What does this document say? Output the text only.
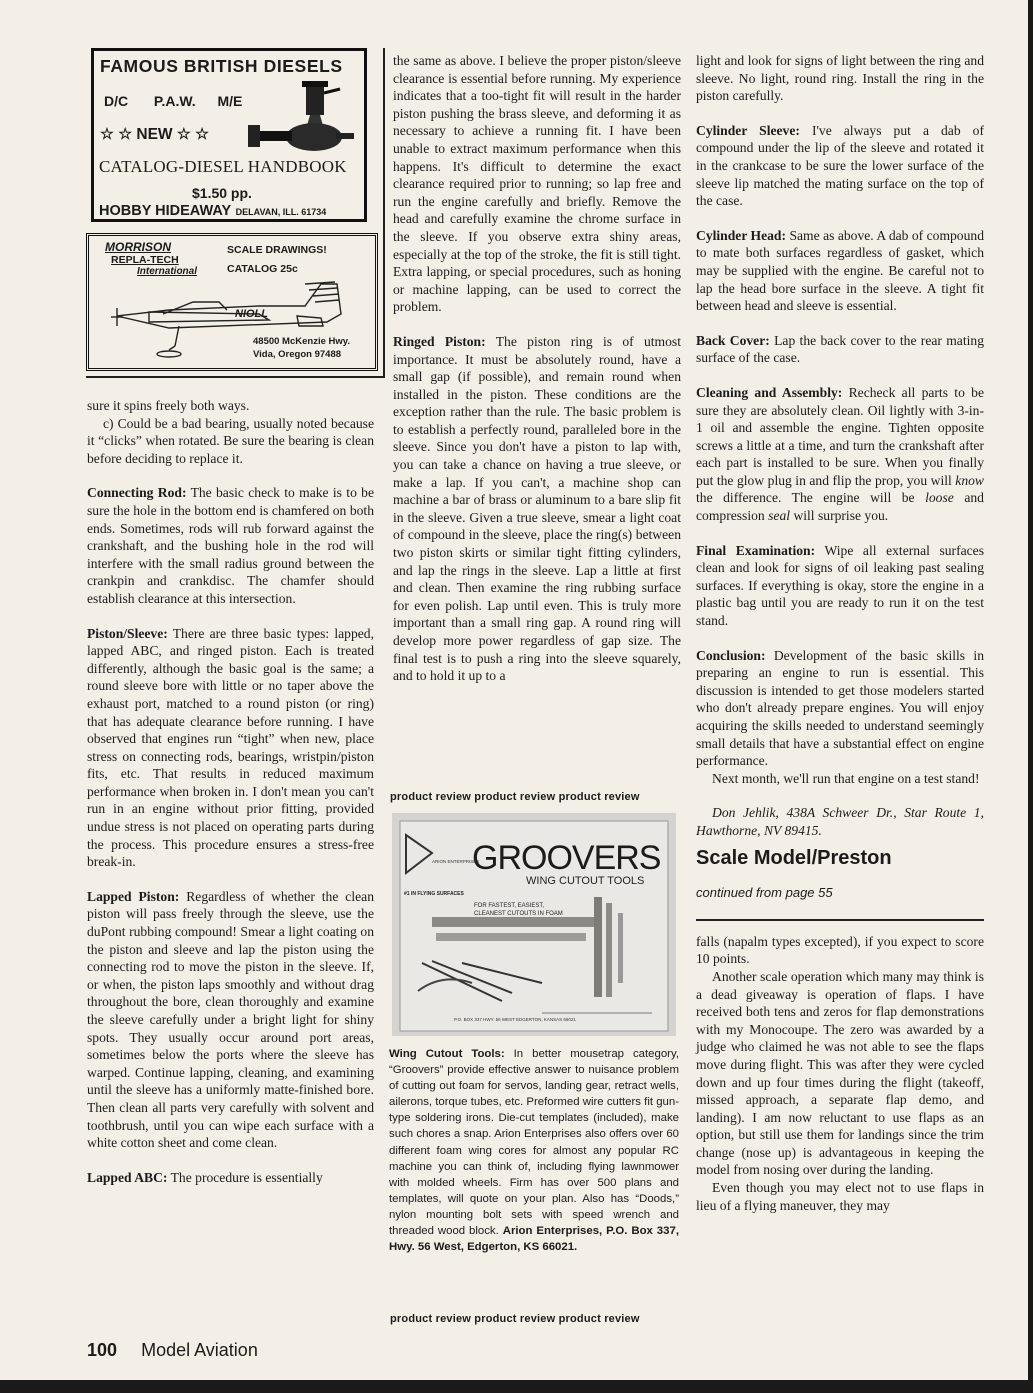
FAMOUS BRITISH DIESELS
D/C P.A.W. M/E
☆ ☆ NEW ☆ ☆
CATALOG-DIESEL HANDBOOK
$1.50 pp.
HOBBY HIDEAWAY DELAVAN, ILL. 61734
MORRISON
REPLA-TECH
International
SCALE DRAWINGS!
CATALOG 25c
NIOLL
48500 McKenzie Hwy.
Vida, Oregon 97488

sure it spins freely both ways.

c) Could be a bad bearing, usually noted because it “clicks” when rotated. Be sure the bearing is clean before deciding to replace it.

Connecting Rod: The basic check to make is to be sure the hole in the bottom end is chamfered on both ends. Sometimes, rods will rub forward against the crankshaft, and the bushing hole in the rod will interfere with the small radius ground between the crankpin and crankdisc. The chamfer should establish clearance at this intersection.

Piston/Sleeve: There are three basic types: lapped, lapped ABC, and ringed piston. Each is treated differently, although the basic goal is the same; a round sleeve bore with little or no taper above the exhaust port, matched to a round piston (or ring) that has adequate clearance before running. I have observed that engines run “tight” when new, place stress on connecting rods, bearings, wristpin/piston fits, etc. That results in reduced maximum performance when broken in. I don't mean you can't run in an engine without prior fitting, provided undue stress is not placed on operating parts during the process. This procedure ensures a stress-free break-in.

Lapped Piston: Regardless of whether the clean piston will pass freely through the sleeve, use the duPont rubbing compound! Smear a light coating on the piston and sleeve and lap the piston using the connecting rod to move the piston in the sleeve. If, or when, the piston laps smoothly and without drag throughout the bore, clean thoroughly and examine the sleeve carefully under a bright light for shiny spots. They usually occur around port areas, sometimes below the ports where the sleeve has warped. Continue lapping, cleaning, and examining until the sleeve has a uniformly matte-finished bore. Then clean all parts very carefully with solvent and toothbrush, until you can wipe each surface with a white cotton sheet and come clean.

Lapped ABC: The procedure is essentially

the same as above. I believe the proper piston/sleeve clearance is essential before running. My experience indicates that a too-tight fit will result in the harder piston pushing the brass sleeve, and deforming it as necessary to achieve a running fit. I have been unable to extract maximum performance when this happens. It's difficult to determine the exact clearance required prior to running; so lap free and run the engine carefully and briefly. Remove the head and carefully examine the chrome surface in the sleeve. If you observe extra shiny areas, especially at the top of the stroke, the fit is still tight. Extra lapping, or special procedures, such as honing or machine lapping, can be used to correct the problem.

Ringed Piston: The piston ring is of utmost importance. It must be absolutely round, have a small gap (if possible), and remain round when installed in the piston. These conditions are the exception rather than the rule. The basic problem is to establish a perfectly round, paralleled bore in the sleeve. Since you don't have a piston to lap with, you can take a chance on having a true sleeve, or make a lap. If you can't, a machine shop can machine a bar of brass or aluminum to a bare slip fit in the sleeve. Given a true sleeve, smear a light coat of compound in the sleeve, place the ring(s) between two piston skirts or similar tight fitting cylinders, and lap the rings in the sleeve. Lap a little at first and clean. Then examine the ring rubbing surface for even polish. Lap until even. This is truly more important than a small ring gap. A round ring will develop more power regardless of gap size. The final test is to push a ring into the sleeve squarely, and to hold it up to a

product review product review product review
GROOVERS
WING CUTOUT TOOLS
ARION ENTERPRISES
#1 IN FLYING SURFACES
FOR FASTEST, EASIEST,
CLEANEST CUTOUTS IN FOAM
P.O. BOX 337 HWY. 56 WEST EDGERTON, KANSAS 66021
Wing Cutout Tools: In better mousetrap category, “Groovers” provide effective answer to nuisance problem of cutting out foam for servos, landing gear, retract wells, ailerons, torque tubes, etc. Preformed wire cutters fit gun-type soldering irons. Die-cut templates (included), make such chores a snap. Arion Enterprises also offers over 60 different foam wing cores for almost any popular RC machine you can think of, including flying lawnmower with molded wheels. Firm has over 500 plans and templates, will quote on your plan. Also has “Doods,” nylon mounting bolt sets with speed wrench and threaded wood block. Arion Enterprises, P.O. Box 337, Hwy. 56 West, Edgerton, KS 66021.
product review product review product review

light and look for signs of light between the ring and sleeve. No light, round ring. Install the ring in the piston carefully.

Cylinder Sleeve: I've always put a dab of compound under the lip of the sleeve and rotated it in the crankcase to be sure the lower surface of the sleeve lip matched the mating surface on the top of the case.

Cylinder Head: Same as above. A dab of compound to mate both surfaces regardless of gasket, which may be supplied with the engine. Be careful not to lap the head bore surface in the sleeve. A tight fit between head and sleeve is essential.

Back Cover: Lap the back cover to the rear mating surface of the case.

Cleaning and Assembly: Recheck all parts to be sure they are absolutely clean. Oil lightly with 3-in-1 oil and assemble the engine. Tighten opposite screws a little at a time, and turn the crankshaft after each part is installed to be sure. When you finally put the glow plug in and flip the prop, you will know the difference. The engine will be loose and compression seal will surprise you.

Final Examination: Wipe all external surfaces clean and look for signs of oil leaking past sealing surfaces. If everything is okay, store the engine in a plastic bag until you are ready to run it on the test stand.

Conclusion: Development of the basic skills in preparing an engine to run is essential. This discussion is intended to get those modelers started who don't already prepare engines. You will enjoy acquiring the skills needed to understand seemingly small details that have a substantial effect on engine performance.

Next month, we'll run that engine on a test stand!

Don Jehlik, 438A Schweer Dr., Star Route 1, Hawthorne, NV 89415.

Scale Model/Preston

continued from page 55

falls (napalm types excepted), if you expect to score 10 points.

Another scale operation which many may think is a dead giveaway is operation of flaps. I have received both tens and zeros for flap demonstrations with my Monocoupe. The zero was awarded by a judge who claimed he was not able to see the flaps move during flight. This was after they were cycled down and up four times during the flight (takeoff, missed approach, a separate flap demo, and landing). I am now reluctant to use flaps as an option, but still use them for landings since the trim change (nose up) is advantageous in keeping the model from nosing over during the landing.

Even though you may elect not to use flaps in lieu of a flying maneuver, they may

100 Model Aviation
